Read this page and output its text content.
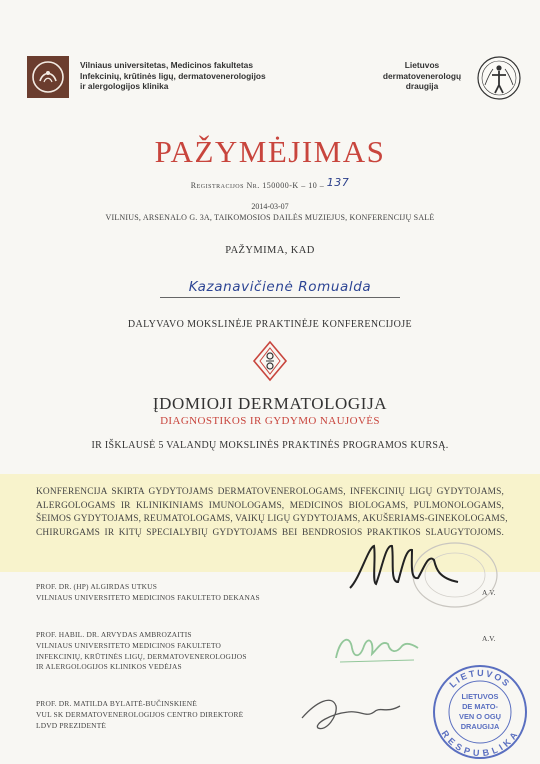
Vilniaus universitetas, Medicinos fakultetas
Infekcinių, krūtinės ligų, dermatovenerologijos
ir alergologijos klinika
Lietuvos
dermatovenerologų
draugija
PAŽYMĖJIMAS
Registracijos Nr. 150000-K – 10 – 137
2014-03-07
VILNIUS, ARSENALO G. 3A, TAIKOMOSIOS DAILĖS MUZIEJUS, KONFERENCIJŲ SALĖ
PAŽYMIMA, KAD
Kazanavičienė Romualda
DALYVAVO MOKSLINĖJE PRAKTINĖJE KONFERENCIJOJE
ĮDOMIOJI DERMATOLOGIJA
DIAGNOSTIKOS IR GYDYMO NAUJOVĖS
IR IŠKLAUSĖ 5 VALANDŲ MOKSLINĖS PRAKTINĖS PROGRAMOS KURSĄ.
KONFERENCIJA SKIRTA GYDYTOJAMS DERMATOVENEROLOGAMS, INFEKCINIŲ LIGŲ GYDYTOJAMS,
ALERGOLOGAMS IR KLINIKINIAMS IMUNOLOGAMS, MEDICINOS BIOLOGAMS, PULMONOLOGAMS,
ŠEIMOS GYDYTOJAMS, REUMATOLOGAMS, VAIKŲ LIGŲ GYDYTOJAMS, AKUŠERIAMS-GINEKOLOGAMS,
CHIRURGAMS IR KITŲ SPECIALYBIŲ GYDYTOJAMS BEI BENDROSIOS PRAKTIKOS SLAUGYTOJOMS.
PROF. DR. (HP) ALGIRDAS UTKUS
VILNIAUS UNIVERSITETO MEDICINOS FAKULTETO DEKANAS
A.V.
PROF. HABIL. DR. ARVYDAS AMBROZAITIS
VILNIAUS UNIVERSITETO MEDICINOS FAKULTETO
INFEKCINIŲ, KRŪTINĖS LIGŲ, DERMATOVENEROLOGIJOS
IR ALERGOLOGIJOS KLINIKOS VEDĖJAS
A.V.
PROF. DR. MATILDA BYLAITĖ-BUČINSKIENĖ
VUL SK DERMATOVENEROLOGIJOS CENTRO DIREKTORĖ
LDVD PREZIDENTĖ
LIETUVOS
RESPUBLIKA
LIETUVOS
DE MATO-
VEN O OGŲ
DRAUGIJA
